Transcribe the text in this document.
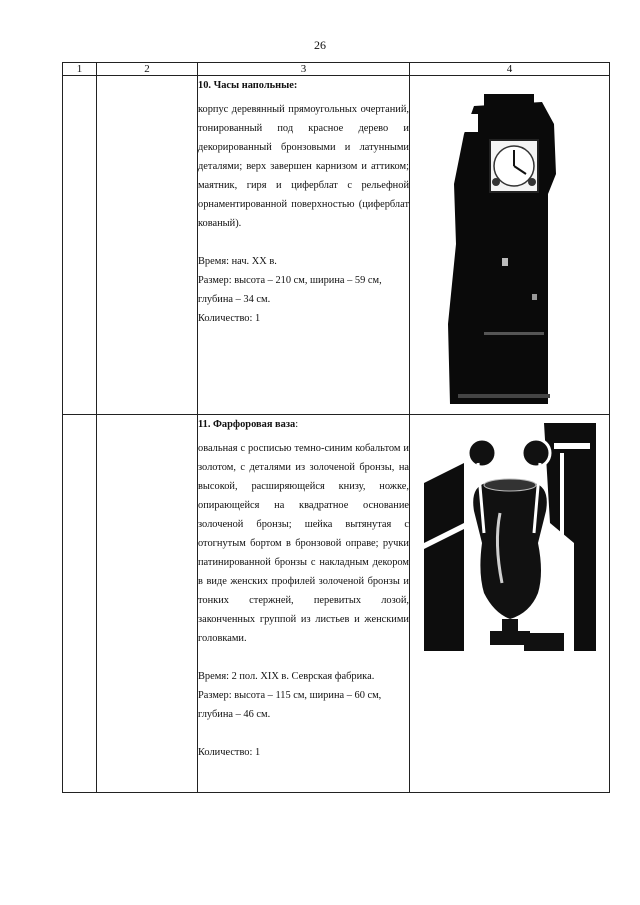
26
1	2	3	4

		10. Часы напольные:

корпус деревянный прямоугольных очертаний, тонированный под красное дерево и декорированный бронзовыми и латунными деталями; верх завершен карнизом и аттиком; маятник, гиря и циферблат с рельефной орнаментированной поверхностью (циферблат кованый).

Время: нач. XX в.

Размер: высота – 210 см, ширина – 59 см, глубина – 34 см.

Количество: 1

		11. Фарфоровая ваза:

овальная с росписью темно-синим кобальтом и золотом, с деталями из золоченой бронзы, на высокой, расширяющейся книзу, ножке, опирающейся на квадратное основание золоченой бронзы; шейка вытянутая с отогнутым бортом в бронзовой оправе; ручки патинированной бронзы с накладным декором в виде женских профилей золоченой бронзы и тонких стержней, перевитых лозой, законченных группой из листьев и женскими головками.

Время: 2 пол. XIX в. Севрская фабрика.

Размер: высота – 115 см, ширина – 60 см, глубина – 46 см.

Количество: 1
